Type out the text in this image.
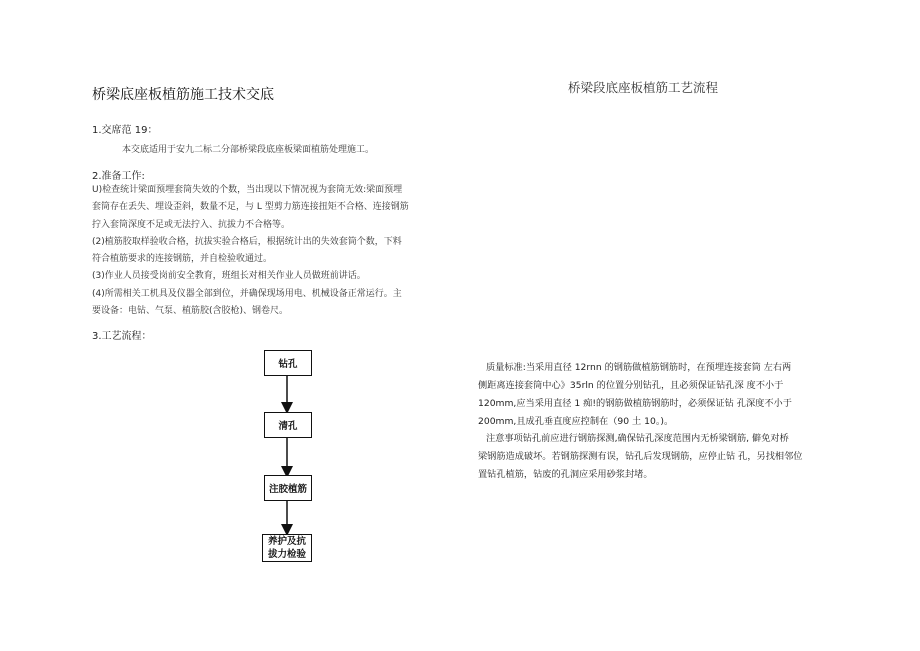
桥梁底座板植筋施工技术交底	桥梁段底座板植筋工艺流程
1.交席范 19：
本交底适用于安九二标二分部桥梁段底座板梁面植筋处理施工。
2.准备工作:
U)检查统计梁面预埋套筒失效的个数，当出现以下情况视为套筒无效:梁面预埋
套筒存在丢失、埋设歪斜，数量不足，与 L 型剪力筋连接扭矩不合格、连接钢筋
拧入套筒深度不足或无法拧入、抗拔力不合格等。
(2)植筋胶取样验收合格，抗拔实验合格后，根据统计出的失效套筒个数，下料
符合植筋要求的连接钢筋，并自检验收通过。
(3)作业人员接受岗前安全教育，班组长对相关作业人员做班前讲话。
(4)所需相关工机具及仪器全部到位，并确保现场用电、机械设备正常运行。主
要设备：电钻、气泵、植筋胶(含胶枪)、钢卷尺。
3.工艺流程：
钻孔
清孔
注胶植筋
养护及抗
拔力检验
质量标准:当采用直径 12rnn 的钢筋做植筋钢筋时，在预埋连接套筒 左右两
侧距离连接套筒中心》35rln 的位置分别钻孔，且必须保证钻孔深 度不小于
120mm,应当采用直径 1 痴!的钢筋做植筋钢筋时，必须保证钻 孔深度不小于
200mm,且成孔垂直度应控制在（90 土 10。)。
注意事项钻孔前应进行钢筋探测,确保钻孔深度范围内无桥梁钢筋, 僻免对桥
梁钢筋造成破坏。若钢筋探测有误，钻孔后发现钢筋，应停止钻 孔，另找相邻位
置钻孔植筋，钻废的孔洞应采用砂浆封堵。
